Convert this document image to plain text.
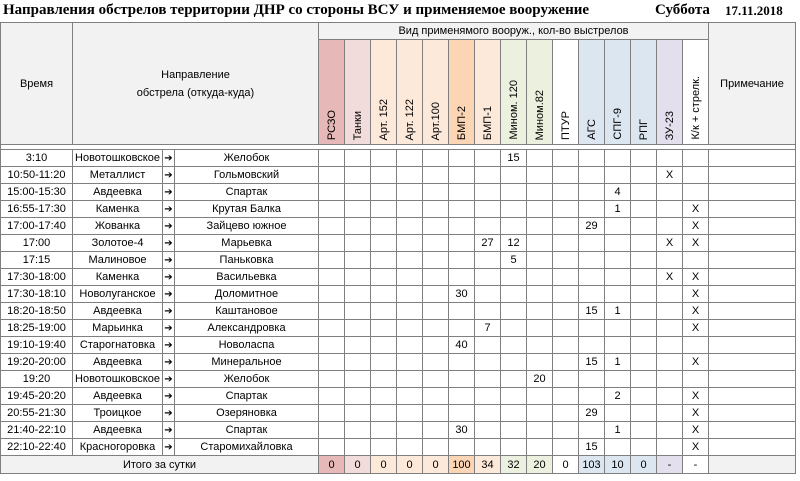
Направления обстрелов территории ДНР со стороны ВСУ и применяемое вооружение	Суббота 17.11.2018
Время	Направление
обстрела (откуда-куда)			Вид применямого вооруж., кол-во выстрелов															Примечание

				РСЗО	Танки	Арт. 152	Арт. 122	Арт.100	БМП-2	БМП-1	Мином. 120	Мином.82	ПТУР	АГС	СПГ-9	РПГ	ЗУ-23	К/к + стрелк.	

3:10	Новотошковское	➔	Желобок								15								
10:50-11:20	Металлист	➔	Гольмовский														X		
15:00-15:30	Авдеевка	➔	Спартак												4				
16:55-17:30	Каменка	➔	Крутая Балка												1			X	
17:00-17:40	Жованка	➔	Зайцево южное											29				X	
17:00	Золотое-4	➔	Марьевка							27	12						X	X	
17:15	Малиновое	➔	Паньковка								5								
17:30-18:00	Каменка	➔	Васильевка														X	X	
17:30-18:10	Новолуганское	➔	Доломитное						30									X	
18:20-18:50	Авдеевка	➔	Каштановое											15	1			X	
18:25-19:00	Марьинка	➔	Александровка							7								X	
19:10-19:40	Старогнатовка	➔	Новоласпа						40										
19:20-20:00	Авдеевка	➔	Минеральное											15	1			X	
19:20	Новотошковское	➔	Желобок									20							
19:45-20:20	Авдеевка	➔	Спартак												2			X	
20:55-21:30	Троицкое	➔	Озеряновка											29				X	
21:40-22:10	Авдеевка	➔	Спартак						30						1			X	
22:10-22:40	Красногоровка	➔	Старомихайловка											15				X	
Итого за сутки				0	0	0	0	0	100	34	32	20	0	103	10	0	-	-	
